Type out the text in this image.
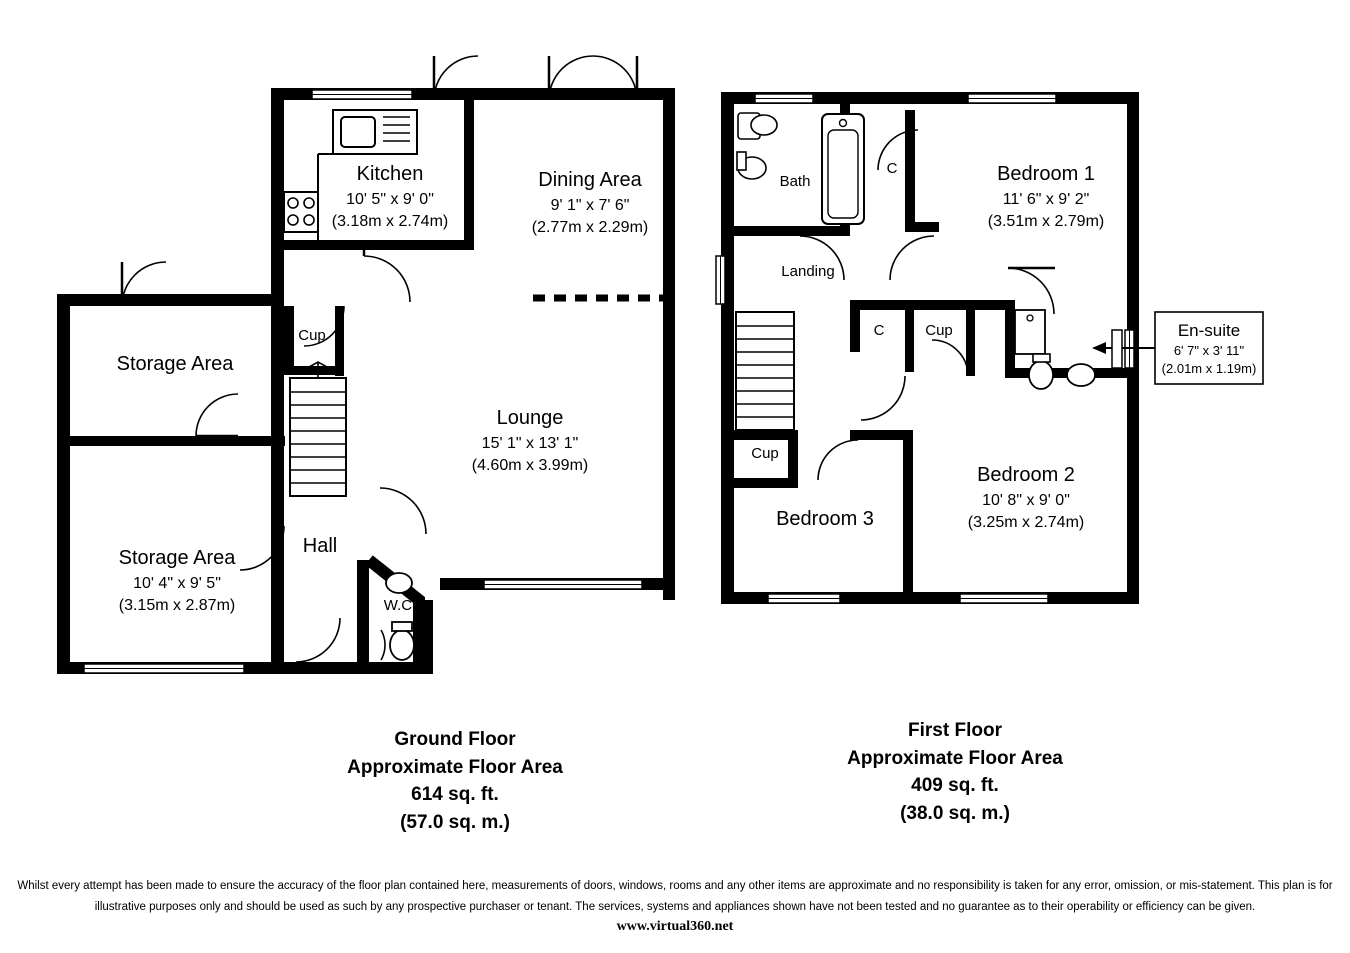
Kitchen
10' 5" x 9' 0"
(3.18m x 2.74m)
Dining Area
9' 1" x 7' 6"
(2.77m x 2.29m)
Storage Area
Cup
Lounge
15' 1" x 13' 1"
(4.60m x 3.99m)
Storage Area
10' 4" x 9' 5"
(3.15m x 2.87m)
Hall
W.C.
Bath
C	Bedroom 1
11' 6" x 9' 2"
(3.51m x 2.79m)
Landing
C	Cup
Cup
Bedroom 3
Bedroom 2
10' 8" x 9' 0"
(3.25m x 2.74m)
En-suite
6' 7" x 3' 11"
(2.01m x 1.19m)
Ground Floor
Approximate Floor Area
614 sq. ft.
(57.0 sq. m.)
First Floor
Approximate Floor Area
409 sq. ft.
(38.0 sq. m.)
Whilst every attempt has been made to ensure the accuracy of the floor plan contained here, measurements of doors, windows, rooms and any other items are approximate and no responsibility is taken for any error, omission, or mis-statement. This plan is for
illustrative purposes only and should be used as such by any prospective purchaser or tenant. The services, systems and appliances shown have not been tested and no guarantee as to their operability or efficiency can be given.
www.virtual360.net
